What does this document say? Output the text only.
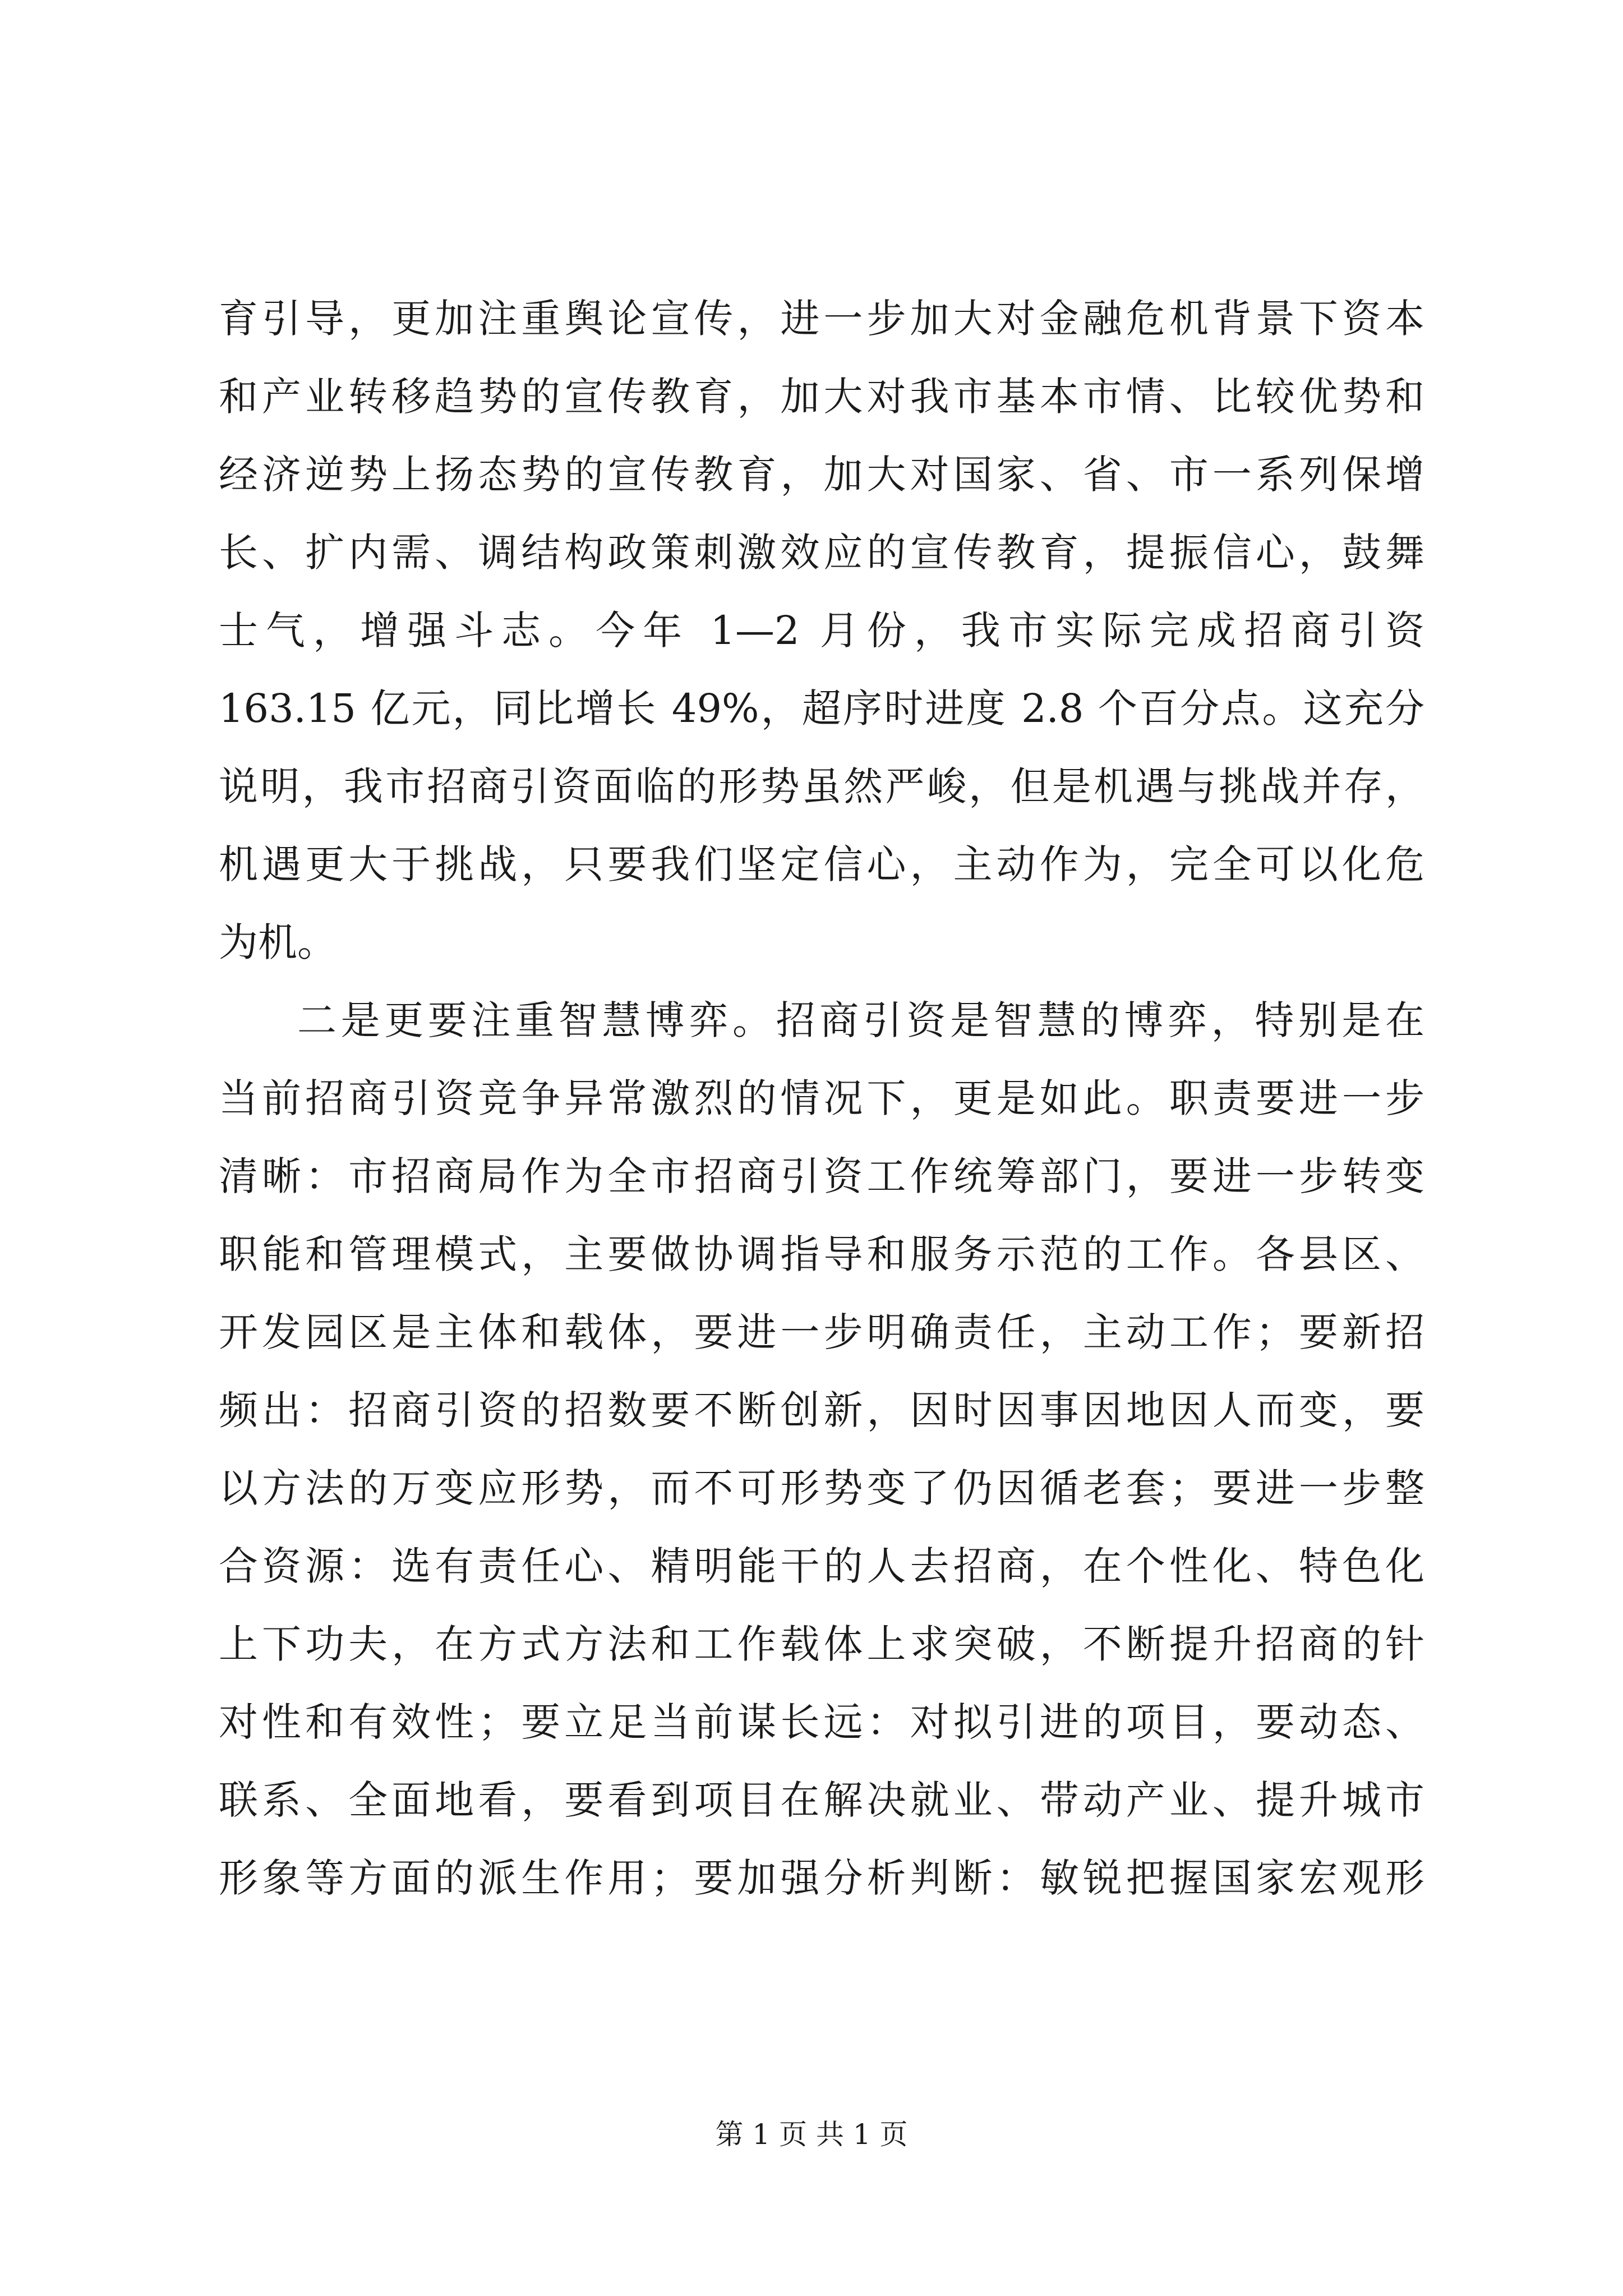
育引导，更加注重舆论宣传，进一步加大对金融危机背景下资本
和产业转移趋势的宣传教育，加大对我市基本市情、比较优势和
经济逆势上扬态势的宣传教育，加大对国家、省、市一系列保增
长、扩内需、调结构政策刺激效应的宣传教育，提振信心，鼓舞
士气，增强斗志。今年 1—2 月份，我市实际完成招商引资
163.15 亿元，同比增长 49%，超序时进度 2.8 个百分点。这充分
说明，我市招商引资面临的形势虽然严峻，但是机遇与挑战并存，
机遇更大于挑战，只要我们坚定信心，主动作为，完全可以化危
为机。
二是更要注重智慧博弈。招商引资是智慧的博弈，特别是在
当前招商引资竞争异常激烈的情况下，更是如此。职责要进一步
清晰：市招商局作为全市招商引资工作统筹部门，要进一步转变
职能和管理模式，主要做协调指导和服务示范的工作。各县区、
开发园区是主体和载体，要进一步明确责任，主动工作；要新招
频出：招商引资的招数要不断创新，因时因事因地因人而变，要
以方法的万变应形势，而不可形势变了仍因循老套；要进一步整
合资源：选有责任心、精明能干的人去招商，在个性化、特色化
上下功夫，在方式方法和工作载体上求突破，不断提升招商的针
对性和有效性；要立足当前谋长远：对拟引进的项目，要动态、
联系、全面地看，要看到项目在解决就业、带动产业、提升城市
形象等方面的派生作用；要加强分析判断：敏锐把握国家宏观形
第 1 页 共 1 页
